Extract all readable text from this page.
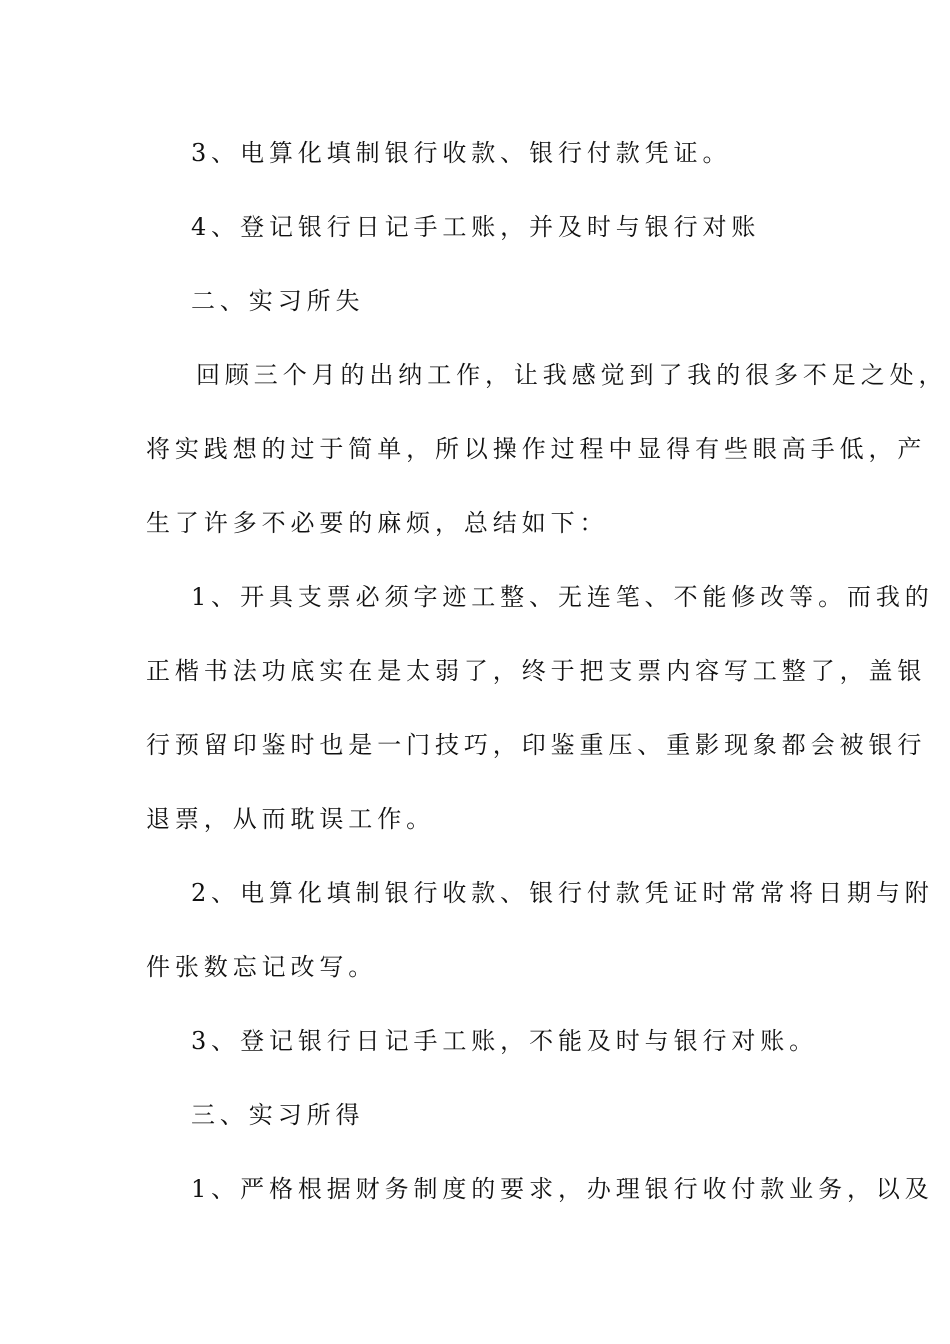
3、电算化填制银行收款、银行付款凭证。
4、登记银行日记手工账，并及时与银行对账
二、实习所失
回顾三个月的出纳工作，让我感觉到了我的很多不足之处，
将实践想的过于简单，所以操作过程中显得有些眼高手低，产
生了许多不必要的麻烦，总结如下：
1、开具支票必须字迹工整、无连笔、不能修改等。而我的
正楷书法功底实在是太弱了，终于把支票内容写工整了，盖银
行预留印鉴时也是一门技巧，印鉴重压、重影现象都会被银行
退票，从而耽误工作。
2、电算化填制银行收款、银行付款凭证时常常将日期与附
件张数忘记改写。
3、登记银行日记手工账，不能及时与银行对账。
三、实习所得
1、严格根据财务制度的要求，办理银行收付款业务，以及
